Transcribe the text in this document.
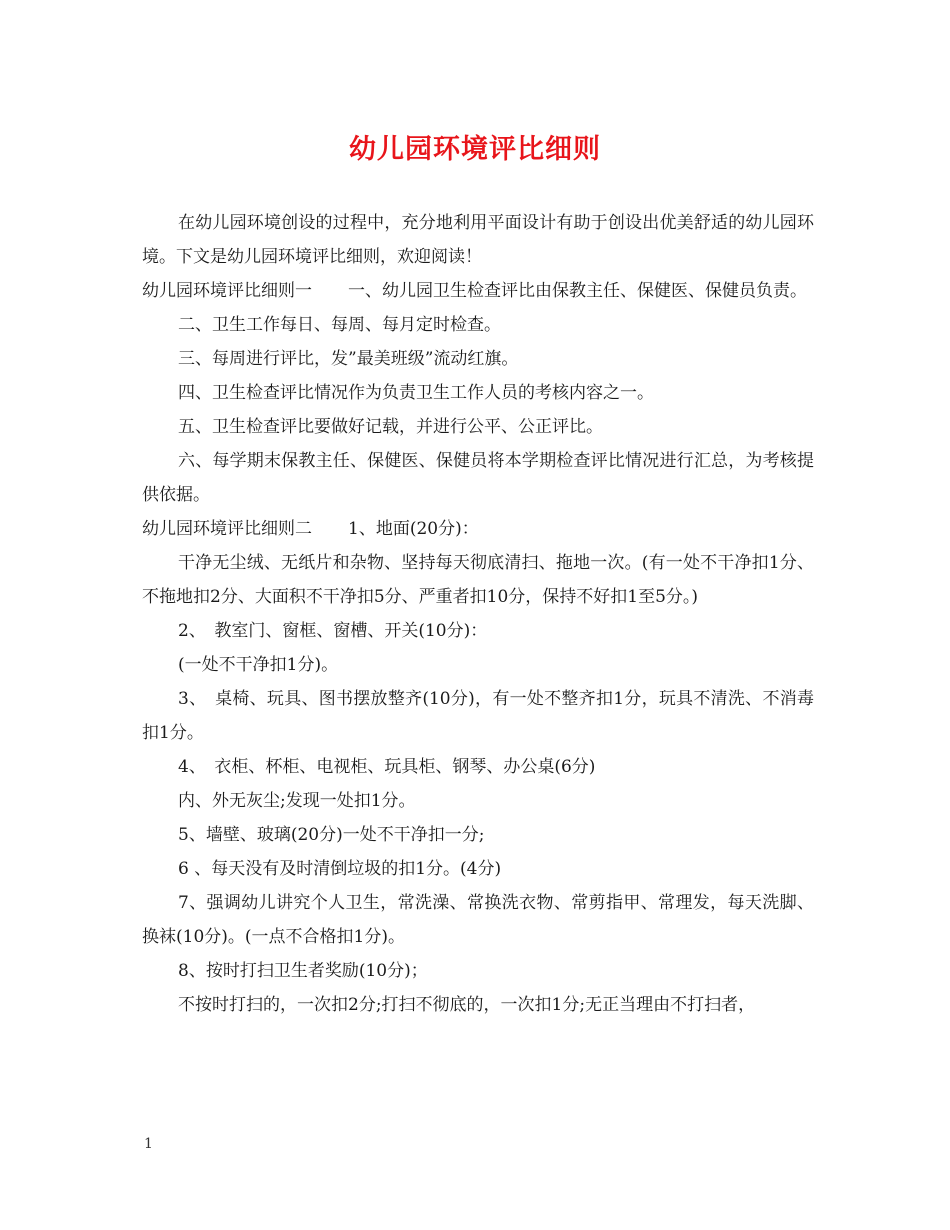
幼儿园环境评比细则

在幼儿园环境创设的过程中，充分地利用平面设计有助于创设出优美舒适的幼儿园环境。下文是幼儿园环境评比细则，欢迎阅读！

幼儿园环境评比细则一 一、幼儿园卫生检查评比由保教主任、保健医、保健员负责。

二、卫生工作每日、每周、每月定时检查。

三、每周进行评比，发”最美班级”流动红旗。

四、卫生检查评比情况作为负责卫生工作人员的考核内容之一。

五、卫生检查评比要做好记载，并进行公平、公正评比。

六、每学期末保教主任、保健医、保健员将本学期检查评比情况进行汇总，为考核提供依据。

幼儿园环境评比细则二 1、地面(20分)：

干净无尘绒、无纸片和杂物、坚持每天彻底清扫、拖地一次。(有一处不干净扣1分、不拖地扣2分、大面积不干净扣5分、严重者扣10分，保持不好扣1至5分。)

2、　教室门、窗框、窗槽、开关(10分)：

(一处不干净扣1分)。

3、　桌椅、玩具、图书摆放整齐(10分)，有一处不整齐扣1分，玩具不清洗、不消毒扣1分。

4、　衣柜、杯柜、电视柜、玩具柜、钢琴、办公桌(6分)

内、外无灰尘;发现一处扣1分。

5、墙壁、玻璃(20分)一处不干净扣一分;

6 、每天没有及时清倒垃圾的扣1分。(4分)

7、强调幼儿讲究个人卫生，常洗澡、常换洗衣物、常剪指甲、常理发，每天洗脚、换袜(10分)。(一点不合格扣1分)。

8、按时打扫卫生者奖励(10分)；

不按时打扫的，一次扣2分;打扫不彻底的，一次扣1分;无正当理由不打扫者，

1
